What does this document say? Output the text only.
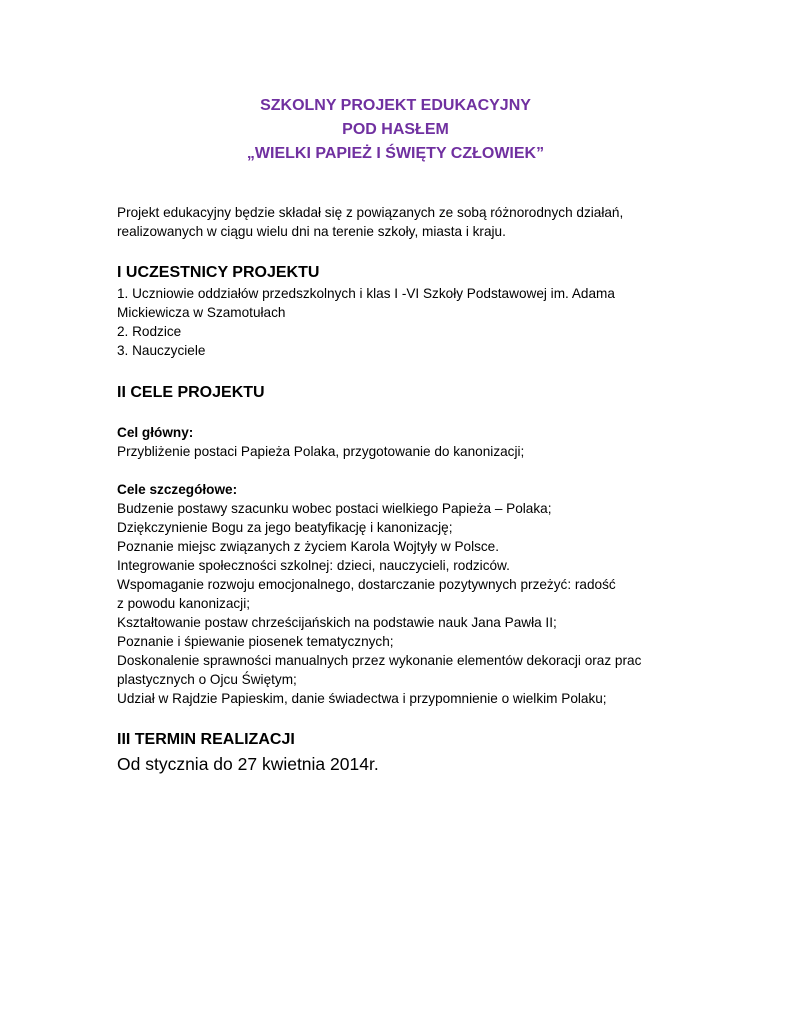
SZKOLNY PROJEKT EDUKACYJNY
POD HASŁEM
„WIELKI PAPIEŻ I ŚWIĘTY CZŁOWIEK”
Projekt edukacyjny będzie składał się z powiązanych ze sobą różnorodnych działań,
realizowanych w ciągu wielu dni na terenie szkoły, miasta i kraju.
I UCZESTNICY PROJEKTU
1. Uczniowie oddziałów przedszkolnych i klas I -VI Szkoły Podstawowej im. Adama
Mickiewicza w Szamotułach
2. Rodzice
3. Nauczyciele
II CELE PROJEKTU
Cel główny:
Przybliżenie postaci Papieża Polaka, przygotowanie do kanonizacji;
Cele szczegółowe:
Budzenie postawy szacunku wobec postaci wielkiego Papieża – Polaka;
Dziękczynienie Bogu za jego beatyfikację i kanonizację;
Poznanie miejsc związanych z życiem Karola Wojtyły w Polsce.
Integrowanie społeczności szkolnej: dzieci, nauczycieli, rodziców.
Wspomaganie rozwoju emocjonalnego, dostarczanie pozytywnych przeżyć: radość
z powodu kanonizacji;
Kształtowanie postaw chrześcijańskich na podstawie nauk Jana Pawła II;
Poznanie i śpiewanie piosenek tematycznych;
Doskonalenie sprawności manualnych przez wykonanie elementów dekoracji oraz prac
plastycznych o Ojcu Świętym;
Udział w Rajdzie Papieskim, danie świadectwa i przypomnienie o wielkim Polaku;
III TERMIN REALIZACJI
Od stycznia do 27 kwietnia 2014r.
